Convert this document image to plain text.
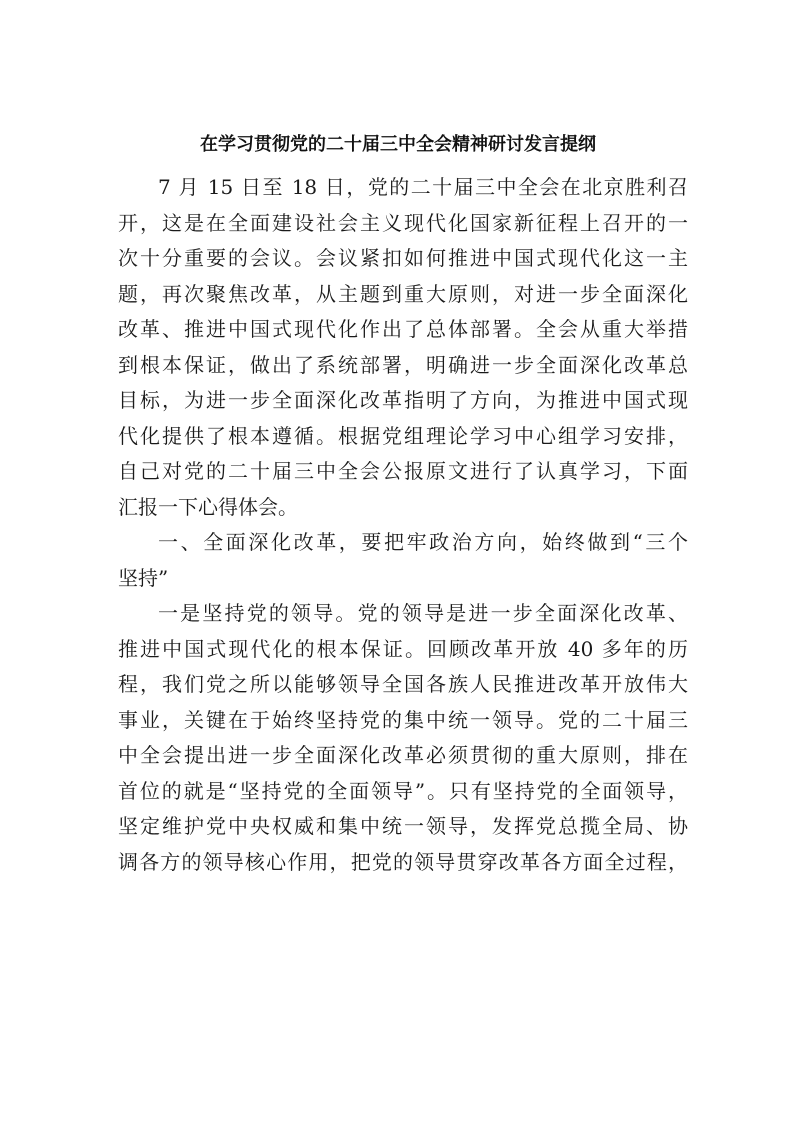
在学习贯彻党的二十届三中全会精神研讨发言提纲
7 月 15 日至 18 日，党的二十届三中全会在北京胜利召
开，这是在全面建设社会主义现代化国家新征程上召开的一
次十分重要的会议。会议紧扣如何推进中国式现代化这一主
题，再次聚焦改革，从主题到重大原则，对进一步全面深化
改革、推进中国式现代化作出了总体部署。全会从重大举措
到根本保证，做出了系统部署，明确进一步全面深化改革总
目标，为进一步全面深化改革指明了方向，为推进中国式现
代化提供了根本遵循。根据党组理论学习中心组学习安排，
自己对党的二十届三中全会公报原文进行了认真学习，下面
汇报一下心得体会。
一、全面深化改革，要把牢政治方向，始终做到“三个
坚持”
一是坚持党的领导。党的领导是进一步全面深化改革、
推进中国式现代化的根本保证。回顾改革开放 40 多年的历
程，我们党之所以能够领导全国各族人民推进改革开放伟大
事业，关键在于始终坚持党的集中统一领导。党的二十届三
中全会提出进一步全面深化改革必须贯彻的重大原则，排在
首位的就是“坚持党的全面领导”。只有坚持党的全面领导，
坚定维护党中央权威和集中统一领导，发挥党总揽全局、协
调各方的领导核心作用，把党的领导贯穿改革各方面全过程，
